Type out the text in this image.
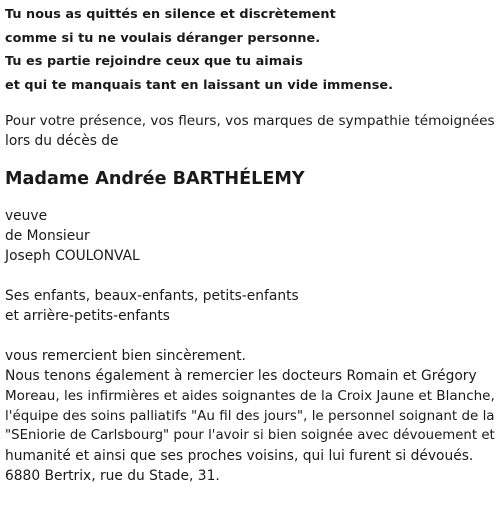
Tu nous as quittés en silence et discrètement
comme si tu ne voulais déranger personne.
Tu es partie rejoindre ceux que tu aimais
et qui te manquais tant en laissant un vide immense.
Pour votre présence, vos fleurs, vos marques de sympathie témoignées
lors du décès de
Madame Andrée BARTHÉLEMY
veuve
de Monsieur
Joseph COULONVAL
Ses enfants, beaux-enfants, petits-enfants
et arrière-petits-enfants
vous remercient bien sincèrement.
Nous tenons également à remercier les docteurs Romain et Grégory
Moreau, les infirmières et aides soignantes de la Croix Jaune et Blanche,
l'équipe des soins palliatifs "Au fil des jours", le personnel soignant de la
"SEniorie de Carlsbourg" pour l'avoir si bien soignée avec dévouement et
humanité et ainsi que ses proches voisins, qui lui furent si dévoués.
6880 Bertrix, rue du Stade, 31.
